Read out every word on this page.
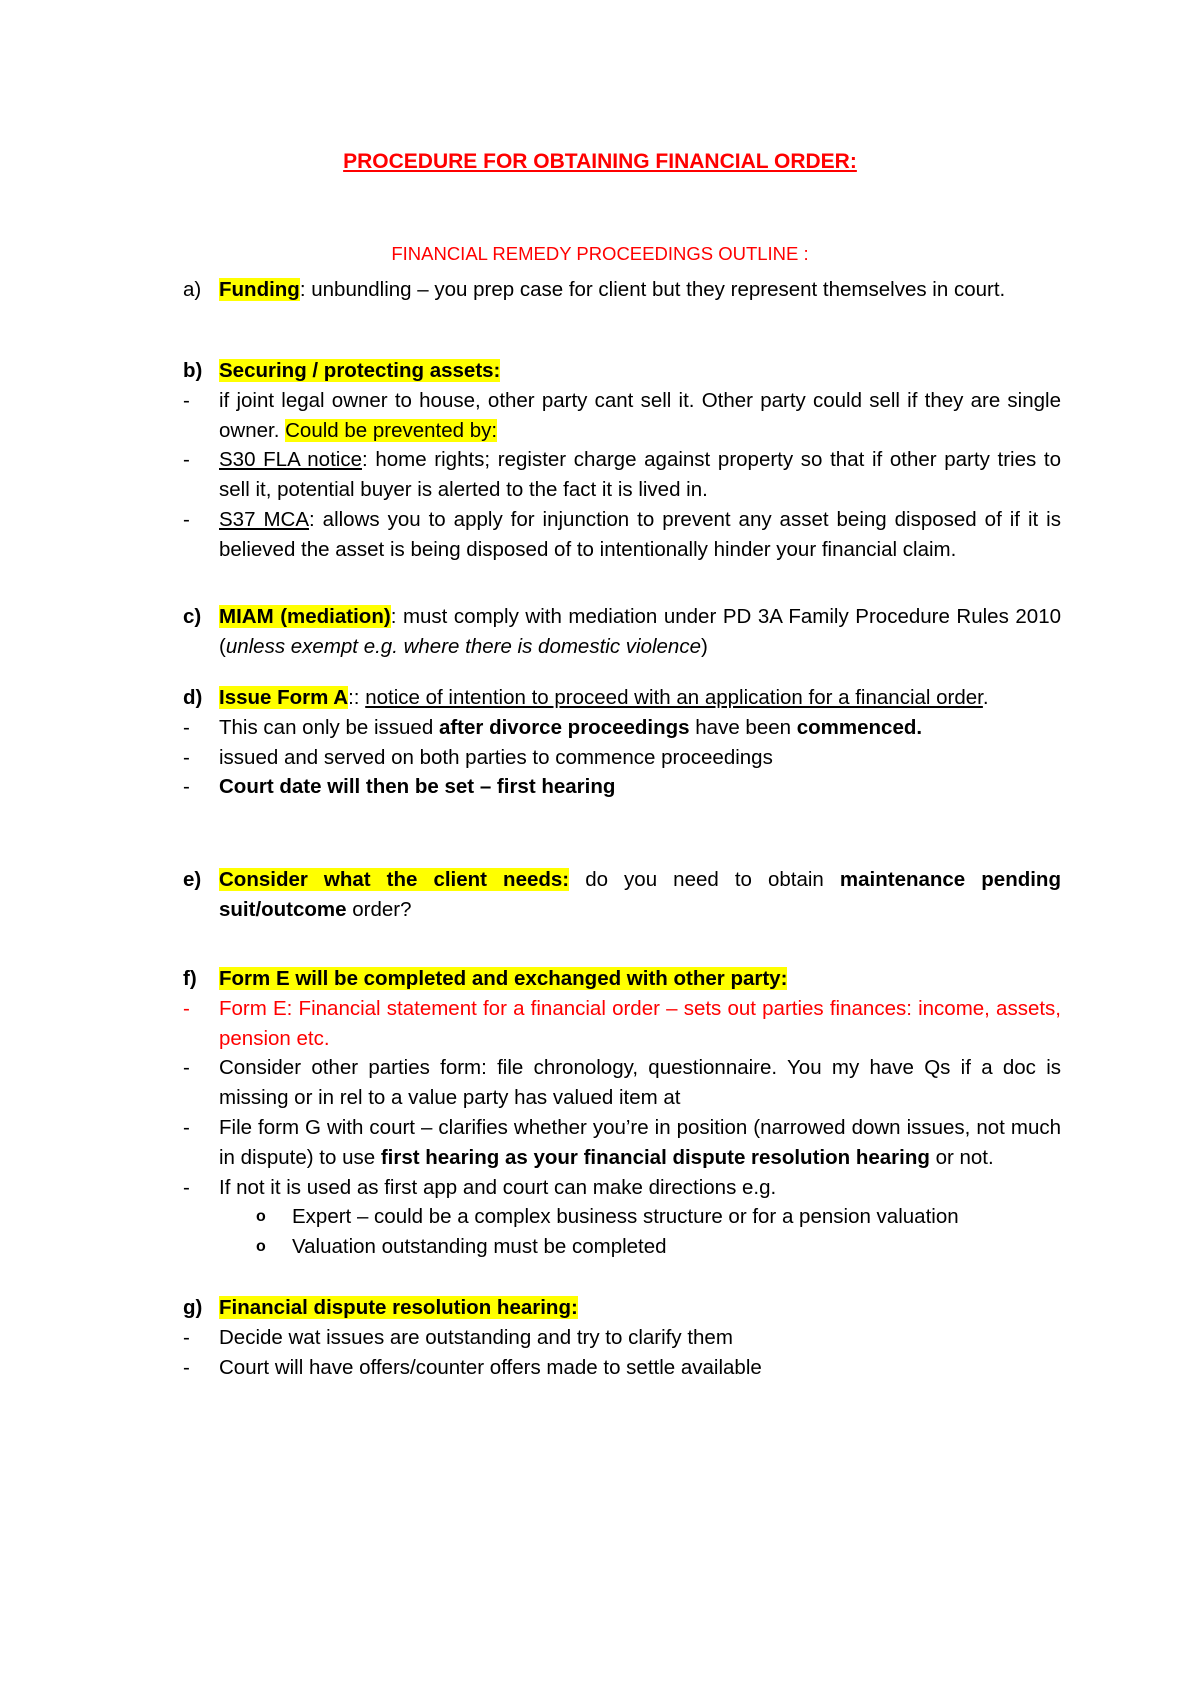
PROCEDURE FOR OBTAINING FINANCIAL ORDER:
FINANCIAL REMEDY PROCEEDINGS OUTLINE :
a) Funding: unbundling – you prep case for client but they represent themselves in court.
b) Securing / protecting assets:
- if joint legal owner to house, other party cant sell it. Other party could sell if they are single owner. Could be prevented by:
- S30 FLA notice: home rights; register charge against property so that if other party tries to sell it, potential buyer is alerted to the fact it is lived in.
- S37 MCA: allows you to apply for injunction to prevent any asset being disposed of if it is believed the asset is being disposed of to intentionally hinder your financial claim.
c) MIAM (mediation): must comply with mediation under PD 3A Family Procedure Rules 2010 (unless exempt e.g. where there is domestic violence)
d) Issue Form A:: notice of intention to proceed with an application for a financial order.
- This can only be issued after divorce proceedings have been commenced.
- issued and served on both parties to commence proceedings
- Court date will then be set – first hearing
e) Consider what the client needs: do you need to obtain maintenance pending suit/outcome order?
f) Form E will be completed and exchanged with other party:
- Form E: Financial statement for a financial order – sets out parties finances: income, assets, pension etc.
- Consider other parties form: file chronology, questionnaire. You my have Qs if a doc is missing or in rel to a value party has valued item at
- File form G with court – clarifies whether you’re in position (narrowed down issues, not much in dispute) to use first hearing as your financial dispute resolution hearing or not.
- If not it is used as first app and court can make directions e.g.
o Expert – could be a complex business structure or for a pension valuation
o Valuation outstanding must be completed
g) Financial dispute resolution hearing:
- Decide wat issues are outstanding and try to clarify them
- Court will have offers/counter offers made to settle available
